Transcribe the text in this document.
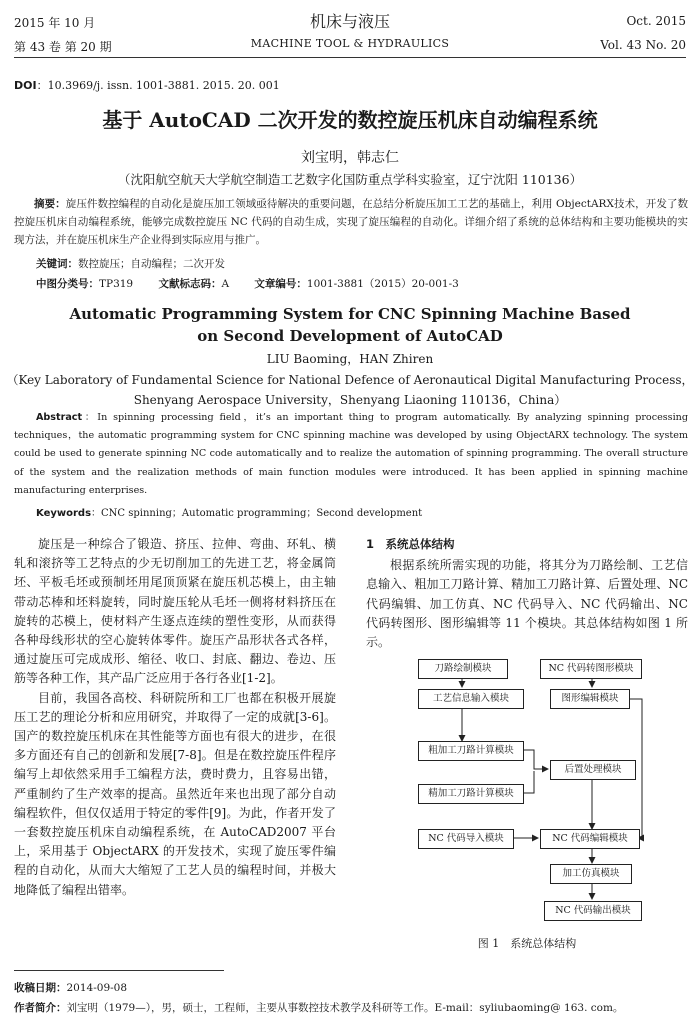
2015 年 10 月
第 43 卷 第 20 期
机床与液压
MACHINE TOOL & HYDRAULICS
Oct. 2015
Vol. 43 No. 20
DOI：10.3969/j. issn. 1001-3881. 2015. 20. 001
基于 AutoCAD 二次开发的数控旋压机床自动编程系统
刘宝明，韩志仁
（沈阳航空航天大学航空制造工艺数字化国防重点学科实验室，辽宁沈阳 110136）
摘要：旋压件数控编程的自动化是旋压加工领域亟待解决的重要问题，在总结分析旋压加工工艺的基础上，利用 ObjectARX技术，开发了数控旋压机床自动编程系统，能够完成数控旋压 NC 代码的自动生成，实现了旋压编程的自动化。详细介绍了系统的总体结构和主要功能模块的实现方法，并在旋压机床生产企业得到实际应用与推广。
关键词：数控旋压；自动编程；二次开发
中图分类号：TP319 文献标志码：A 文章编号：1001-3881（2015）20-001-3
Automatic Programming System for CNC Spinning Machine Based
on Second Development of AutoCAD
LIU Baoming，HAN Zhiren
（Key Laboratory of Fundamental Science for National Defence of Aeronautical Digital Manufacturing Process，
Shenyang Aerospace University，Shenyang Liaoning 110136，China）
Abstract：In spinning processing field，it’s an important thing to program automatically. By analyzing spinning processing techniques，the automatic programming system for CNC spinning machine was developed by using ObjectARX technology. The system could be used to generate spinning NC code automatically and to realize the automation of spinning programming. The overall structure of the system and the realization methods of main function modules were introduced. It has been applied in spinning machine manufacturing enterprises.
Keywords：CNC spinning；Automatic programming；Second development

旋压是一种综合了锻造、挤压、拉伸、弯曲、环轧、横轧和滚挤等工艺特点的少无切削加工的先进工艺，将金属筒坯、平板毛坯或预制坯用尾顶顶紧在旋压机芯模上，由主轴带动芯棒和坯料旋转，同时旋压轮从毛坯一侧将材料挤压在旋转的芯模上，使材料产生逐点连续的塑性变形，从而获得各种母线形状的空心旋转体零件。旋压产品形状各式各样，通过旋压可完成成形、缩径、收口、封底、翻边、卷边、压筋等各种工作，其产品广泛应用于各行各业[1-2]。

目前，我国各高校、科研院所和工厂也都在积极开展旋压工艺的理论分析和应用研究，并取得了一定的成就[3-6]。国产的数控旋压机床在其性能等方面也有很大的进步，在很多方面还有自己的创新和发展[7-8]。但是在数控旋压件程序编写上却依然采用手工编程方法，费时费力，且容易出错，严重制约了生产效率的提高。虽然近年来也出现了部分自动编程软件，但仅仅适用于特定的零件[9]。为此，作者开发了一套数控旋压机床自动编程系统，在 AutoCAD2007 平台上，采用基于 ObjectARX 的开发技术，实现了旋压零件编程的自动化，从而大大缩短了工艺人员的编程时间，并极大地降低了编程出错率。

1　系统总体结构

根据系统所需实现的功能，将其分为刀路绘制、工艺信息输入、粗加工刀路计算、精加工刀路计算、后置处理、NC 代码编辑、加工仿真、NC 代码导入、NC 代码输出、NC 代码转图形、图形编辑等 11 个模块。其总体结构如图 1 所示。

刀路绘制模块	NC 代码转图形模块
工艺信息输入模块	图形编辑模块
粗加工刀路计算模块
后置处理模块
精加工刀路计算模块
NC 代码导入模块	NC 代码编辑模块
加工仿真模块
NC 代码输出模块
图 1　系统总体结构
收稿日期：2014-09-08
作者简介：刘宝明（1979—），男，硕士，工程师，主要从事数控技术教学及科研等工作。E-mail：syliubaoming@ 163. com。
